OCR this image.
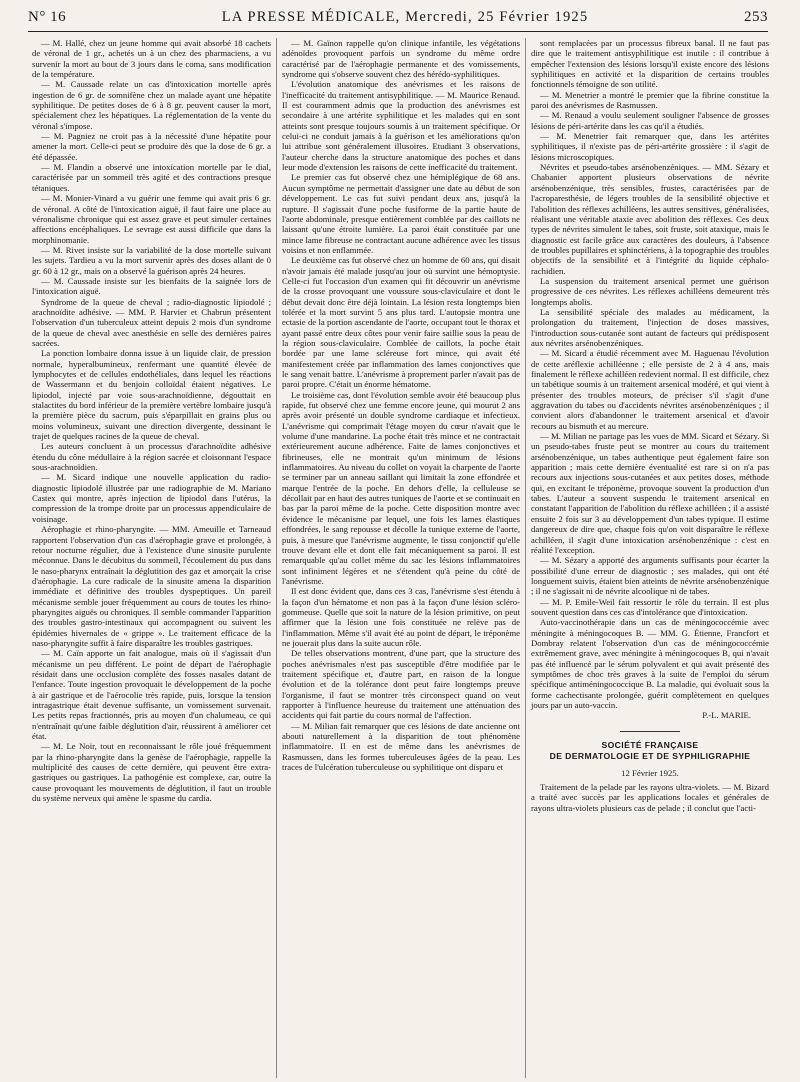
N° 16	LA PRESSE MÉDICALE, Mercredi, 25 Février 1925	253

— M. Hallé, chez un jeune homme qui avait absorbé 18 cachets de véronal de 1 gr., achetés un à un chez des pharmaciens, a vu survenir la mort au bout de 3 jours dans le coma, sans modification de la température.

— M. Caussade relate un cas d'intoxication mortelle après ingestion de 6 gr. de somnifène chez un malade ayant une hépatite syphilitique. De petites doses de 6 à 8 gr. peuvent causer la mort, spécialement chez les hépatiques. La réglementation de la vente du véronal s'impose.

— M. Pagniez ne croit pas à la nécessité d'une hépatite pour amener la mort. Celle-ci peut se produire dès que la dose de 6 gr. a été dépassée.

— M. Flandin a observé une intoxication mortelle par le dial, caractérisée par un sommeil très agité et des contractions presque tétaniques.

— M. Monier-Vinard a vu guérir une femme qui avait pris 6 gr. de véronal. A côté de l'intoxication aiguë, il faut faire une place au véronalisme chronique qui est assez grave et peut simuler certaines affections encéphaliques. Le sevrage est aussi difficile que dans la morphinomanie.

— M. Rivet insiste sur la variabilité de la dose mortelle suivant les sujets. Tardieu a vu la mort survenir après des doses allant de 0 gr. 60 à 12 gr., mais on a observé la guérison après 24 heures.

— M. Caussade insiste sur les bienfaits de la saignée lors de l'intoxication aiguë.

Syndrome de la queue de cheval ; radio-diagnostic lipiodolé ; arachnoïdite adhésive. — MM. P. Harvier et Chabrun présentent l'observation d'un tuberculeux atteint depuis 2 mois d'un syndrome de la queue de cheval avec anesthésie en selle des dernières paires sacrées.

La ponction lombaire donna issue à un liquide clair, de pression normale, hyperalbumineux, renfermant une quantité élevée de lymphocytes et de cellules endothéliales, dans lequel les réactions de Wassermann et du benjoin colloïdal étaient négatives. Le lipiodol, injecté par voie sous-arachnoïdienne, dégouttait en stalactites du bord inférieur de la première vertèbre lombaire jusqu'à la première pièce du sacrum, puis s'éparpillait en grains plus ou moins volumineux, suivant une direction divergente, dessinant le trajet de quelques racines de la queue de cheval.

Les auteurs concluent à un processus d'arachnoïdite adhésive étendu du cône médullaire à la région sacrée et cloisonnant l'espace sous-arachnoïdien.

— M. Sicard indique une nouvelle application du radio-diagnostic lipiodolé illustrée par une radiographie de M. Mariano Castex qui montre, après injection de lipiodol dans l'utérus, la compression de la trompe droite par un processus appendiculaire de voisinage.

Aérophagie et rhino-pharyngite. — MM. Ameuille et Tarneaud rapportent l'observation d'un cas d'aérophagie grave et prolongée, à retour nocturne régulier, due à l'existence d'une sinusite purulente méconnue. Dans le décubitus du sommeil, l'écoulement du pus dans le naso-pharynx entraînait la déglutition des gaz et amorçait la crise d'aérophagie. La cure radicale de la sinusite amena la disparition immédiate et définitive des troubles dyspeptiques. Un pareil mécanisme semble jouer fréquemment au cours de toutes les rhino-pharyngites aiguës ou chroniques. Il semble commander l'apparition des troubles gastro-intestinaux qui accompagnent ou suivent les épidémies hivernales de « grippe ». Le traitement efficace de la naso-pharyngite suffit à faire disparaître les troubles gastriques.

— M. Caïn apporte un fait analogue, mais où il s'agissait d'un mécanisme un peu différent. Le point de départ de l'aérophagie résidait dans une occlusion complète des fosses nasales datant de l'enfance. Toute ingestion provoquait le développement de la poche à air gastrique et de l'aérocolie très rapide, puis, lorsque la tension intragastrique était devenue suffisante, un vomissement survenait. Les petits repas fractionnés, pris au moyen d'un chalumeau, ce qui n'entraînait qu'une faible déglutition d'air, réussirent à améliorer cet état.

— M. Le Noir, tout en reconnaissant le rôle joué fréquemment par la rhino-pharyngite dans la genèse de l'aérophagie, rappelle la multiplicité des causes de cette dernière, qui peuvent être extra-gastriques ou gastriques. La pathogénie est complexe, car, outre la cause provoquant les mouvements de déglutition, il faut un trouble du système nerveux qui amène le spasme du cardia.

— M. Gaïnon rappelle qu'on clinique infantile, les végétations adénoïdes provoquent parfois un syndrome du même ordre caractérisé par de l'aérophagie permanente et des vomissements, syndrome qui s'observe souvent chez des hérédo-syphilitiques.

L'évolution anatomique des anévrismes et les raisons de l'inefficacité du traitement antisyphilitique. — M. Maurice Renaud. Il est couramment admis que la production des anévrismes est secondaire à une artérite syphilitique et les malades qui en sont atteints sont presque toujours soumis à un traitement spécifique. Or celui-ci ne conduit jamais à la guérison et les améliorations qu'on lui attribue sont généralement illusoires. Etudiant 3 observations, l'auteur cherche dans la structure anatomique des poches et dans leur mode d'extension les raisons de cette inefficacité du traitement.

Le premier cas fut observé chez une hémiplégique de 68 ans. Aucun symptôme ne permettait d'assigner une date au début de son développement. Le cas fut suivi pendant deux ans, jusqu'à la rupture. Il s'agissait d'une poche fusiforme de la partie haute de l'aorte abdominale, presque entièrement comblée par des caillots ne laissant qu'une étroite lumière. La paroi était constituée par une mince lame fibreuse ne contractant aucune adhérence avec les tissus voisins et non enflammée.

Le deuxième cas fut observé chez un homme de 60 ans, qui disait n'avoir jamais été malade jusqu'au jour où survint une hémoptysie. Celle-ci fut l'occasion d'un examen qui fit découvrir un anévrisme de la crosse provoquant une voussure sous-claviculaire et dont le début devait donc être déjà lointain. La lésion resta longtemps bien tolérée et la mort survint 5 ans plus tard. L'autopsie montra une ectasie de la portion ascendante de l'aorte, occupant tout le thorax et ayant passé entre deux côtes pour venir faire saillie sous la peau de la région sous-claviculaire. Comblée de caillots, la poche était bordée par une lame scléreuse fort mince, qui avait été manifestement créée par inflammation des lames conjonctives que le sang venait battre. L'anévrisme à proprement parler n'avait pas de paroi propre. C'était un énorme hématome.

Le troisième cas, dont l'évolution semble avoir été beaucoup plus rapide, fut observé chez une femme encore jeune, qui mourut 2 ans après avoir présenté un double syndrome cardiaque et infectieux. L'anévrisme qui comprimait l'étage moyen du cœur n'avait que le volume d'une mandarine. La poche était très mince et ne contractait extérieurement aucune adhérence. Faite de lames conjonctives et fibrineuses, elle ne montrait qu'un minimum de lésions inflammatoires. Au niveau du collet on voyait la charpente de l'aorte se terminer par un anneau saillant qui limitait la zone effondrée et marque l'entrée de la poche. En dehors d'elle, la celluleuse se décollait par en haut des autres tuniques de l'aorte et se continuait en bas par la paroi même de la poche. Cette disposition montre avec évidence le mécanisme par lequel, une fois les lames élastiques effondrées, le sang repousse et décolle la tunique externe de l'aorte, puis, à mesure que l'anévrisme augmente, le tissu conjonctif qu'elle trouve devant elle et dont elle fait mécaniquement sa paroi. Il est remarquable qu'au collet même du sac les lésions inflammatoires sont infiniment légères et ne s'étendent qu'à peine du côté de l'anévrisme.

Il est donc évident que, dans ces 3 cas, l'anévrisme s'est étendu à la façon d'un hématome et non pas à la façon d'une lésion scléro-gommeuse. Quelle que soit la nature de la lésion primitive, on peut affirmer que la lésion une fois constituée ne relève pas de l'inflammation. Même s'il avait été au point de départ, le tréponème ne jouerait plus dans la suite aucun rôle.

De telles observations montrent, d'une part, que la structure des poches anévrismales n'est pas susceptible d'être modifiée par le traitement spécifique et, d'autre part, en raison de la longue évolution et de la tolérance dont peut faire longtemps preuve l'organisme, il faut se montrer très circonspect quand on veut rapporter à l'influence heureuse du traitement une atténuation des accidents qui fait partie du cours normal de l'affection.

— M. Milian fait remarquer que ces lésions de date ancienne ont abouti naturellement à la disparition de tout phénomène inflammatoire. Il en est de même dans les anévrismes de Rasmussen, dans les formes tuberculeuses âgées de la peau. Les traces de l'ulcération tuberculeuse ou syphilitique ont disparu et

sont remplacées par un processus fibreux banal. Il ne faut pas dire que le traitement antisyphilitique est inutile : il contribue à empêcher l'extension des lésions lorsqu'il existe encore des lésions syphilitiques en activité et la disparition de certains troubles fonctionnels témoigne de son utilité.

— M. Menetrier a montré le premier que la fibrine constitue la paroi des anévrismes de Rasmussen.

— M. Renaud a voulu seulement souligner l'absence de grosses lésions de péri-artérite dans les cas qu'il a étudiés.

— M. Menetrier fait remarquer que, dans les artérites syphilitiques, il n'existe pas de péri-artérite grossière : il s'agit de lésions microscopiques.

Névrites et pseudo-tabes arsénobenzéniques. — MM. Sézary et Chabanier apportent plusieurs observations de névrite arsénobenzénique, très sensibles, frustes, caractérisées par de l'acroparesthésie, de légers troubles de la sensibilité objective et l'abolition des réflexes achilléens, les autres sensitives, généralisées, réalisant une véritable ataxie avec abolition des réflexes. Ces deux types de névrites simulent le tabes, soit fruste, soit ataxique, mais le diagnostic est facile grâce aux caractères des douleurs, à l'absence de troubles pupillaires et sphinctériens, à la topographie des troubles objectifs de la sensibilité et à l'intégrité du liquide céphalo-rachidien.

La suspension du traitement arsenical permet une guérison progressive de ces névrites. Les réflexes achilléens demeurent très longtemps abolis.

La sensibilité spéciale des malades au médicament, la prolongation du traitement, l'injection de doses massives, l'introduction sous-cutanée sont autant de facteurs qui prédisposent aux névrites arsénobenzéniques.

— M. Sicard a étudié récemment avec M. Haguenau l'évolution de cette aréflexie achilléenne ; elle persiste de 2 à 4 ans, mais finalement le réflexe achilléen redevient normal. Il est difficile, chez un tabétique soumis à un traitement arsenical modéré, et qui vient à présenter des troubles moteurs, de préciser s'il s'agit d'une aggravation du tabes ou d'accidents névrites arsénobenzéniques ; il convient alors d'abandonner le traitement arsenical et d'avoir recours au bismuth et au mercure.

— M. Milian ne partage pas les vues de MM. Sicard et Sézary. Si un pseudo-tabes fruste peut se montrer au cours du traitement arsénobenzénique, un tabes authentique peut également faire son apparition ; mais cette dernière éventualité est rare si on n'a pas recours aux injections sous-cutanées et aux petites doses, méthode qui, en excitant le tréponème, provoque souvent la production d'un tabes. L'auteur a souvent suspendu le traitement arsenical en constatant l'apparition de l'abolition du réflexe achilléen ; il a assisté ensuite 2 fois sur 3 au développement d'un tabes typique. Il estime dangereux de dire que, chaque fois qu'on voit disparaître le réflexe achilléen, il s'agit d'une intoxication arsénobenzénique : c'est en réalité l'exception.

— M. Sézary a apporté des arguments suffisants pour écarter la possibilité d'une erreur de diagnostic ; ses malades, qui ont été longuement suivis, étaient bien atteints de névrite arsénobenzénique ; il ne s'agissait ni de névrite alcoolique ni de tabes.

— M. P. Emile-Weil fait ressortir le rôle du terrain. Il est plus souvent question dans ces cas d'intolérance que d'intoxication.

Auto-vaccinothérapie dans un cas de méningococcémie avec méningite à méningocoques B. — MM. G. Étienne, Francfort et Dombray relatent l'observation d'un cas de méningococcémie extrêmement grave, avec méningite à méningocoques B, qui n'avait pas été influencé par le sérum polyvalent et qui avait présenté des symptômes de choc très graves à la suite de l'emploi du sérum spécifique antiméningococcique B. La maladie, qui évoluait sous la forme cachectisante prolongée, guérit complètement en quelques jours par un auto-vaccin.

P.-L. MARIE.

SOCIÉTÉ FRANÇAISE
DE DERMATOLOGIE ET DE SYPHILIGRAPHIE
12 Février 1925.

Traitement de la pelade par les rayons ultra-violets. — M. Bizard a traité avec succès par les applications locales et générales de rayons ultra-violets plusieurs cas de pelade ; il conclut que l'acti-
